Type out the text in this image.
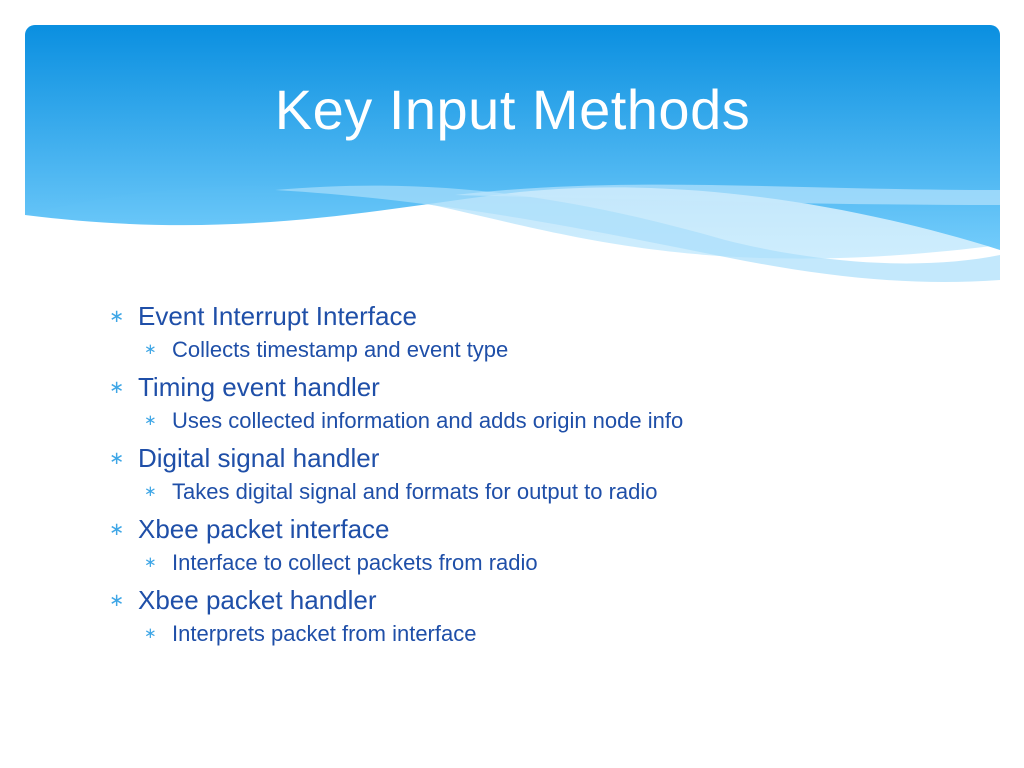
Key Input Methods
∗ Event Interrupt Interface
∗ Collects timestamp and event type
∗ Timing event handler
∗ Uses collected information and adds origin node info
∗ Digital signal handler
∗ Takes digital signal and formats for output to radio
∗ Xbee packet interface
∗ Interface to collect packets from radio
∗ Xbee packet handler
∗ Interprets packet from interface
